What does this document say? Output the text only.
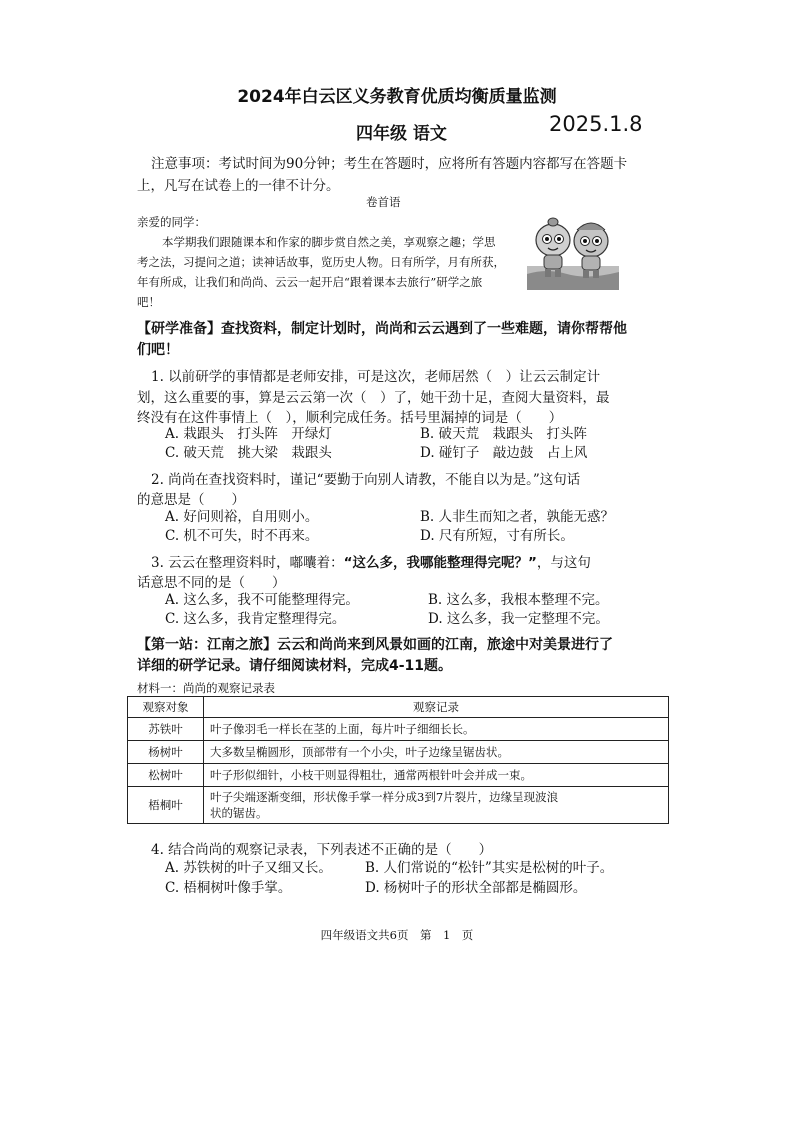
2024年白云区义务教育优质均衡质量监测
四年级 语文	2025.1.8
注意事项：考试时间为90分钟；考生在答题时，应将所有答题内容都写在答题卡
上，凡写在试卷上的一律不计分。
卷首语
亲爱的同学：
本学期我们跟随课本和作家的脚步赏自然之美，享观察之趣；学思
考之法，习提问之道；读神话故事，览历史人物。日有所学，月有所获，
年有所成，让我们和尚尚、云云一起开启“跟着课本去旅行”研学之旅
吧！
【研学准备】查找资料，制定计划时，尚尚和云云遇到了一些难题，请你帮帮他
们吧！
1. 以前研学的事情都是老师安排，可是这次，老师居然（　）让云云制定计
划，这么重要的事，算是云云第一次（　）了，她干劲十足，查阅大量资料，最
终没有在这件事情上（　），顺利完成任务。括号里漏掉的词是（　　）
A. 栽跟头　打头阵　开绿灯	B. 破天荒　栽跟头　打头阵
C. 破天荒　挑大梁　栽跟头	D. 碰钉子　敲边鼓　占上风
2. 尚尚在查找资料时，谨记“要勤于向别人请教，不能自以为是。”这句话
的意思是（　　）
A. 好问则裕，自用则小。	B. 人非生而知之者，孰能无惑？
C. 机不可失，时不再来。	D. 尺有所短，寸有所长。
3. 云云在整理资料时，嘟囔着：“这么多，我哪能整理得完呢？”，与这句
话意思不同的是（　　）
A. 这么多，我不可能整理得完。	B. 这么多，我根本整理不完。
C. 这么多，我肯定整理得完。	D. 这么多，我一定整理不完。
【第一站：江南之旅】云云和尚尚来到风景如画的江南，旅途中对美景进行了
详细的研学记录。请仔细阅读材料，完成4-11题。
材料一：尚尚的观察记录表
观察对象	观察记录
苏铁叶	叶子像羽毛一样长在茎的上面，每片叶子细细长长。
杨树叶	大多数呈椭圆形，顶部带有一个小尖，叶子边缘呈锯齿状。
松树叶	叶子形似细针，小枝干则显得粗壮，通常两根针叶会并成一束。
梧桐叶	叶子尖端逐渐变细，形状像手掌一样分成3到7片裂片，边缘呈现波浪
状的锯齿。
4. 结合尚尚的观察记录表，下列表述不正确的是（　　）
A. 苏铁树的叶子又细又长。 B. 人们常说的“松针”其实是松树的叶子。
C. 梧桐树叶像手掌。	D. 杨树叶子的形状全部都是椭圆形。
四年级语文共6页　第　1　页
